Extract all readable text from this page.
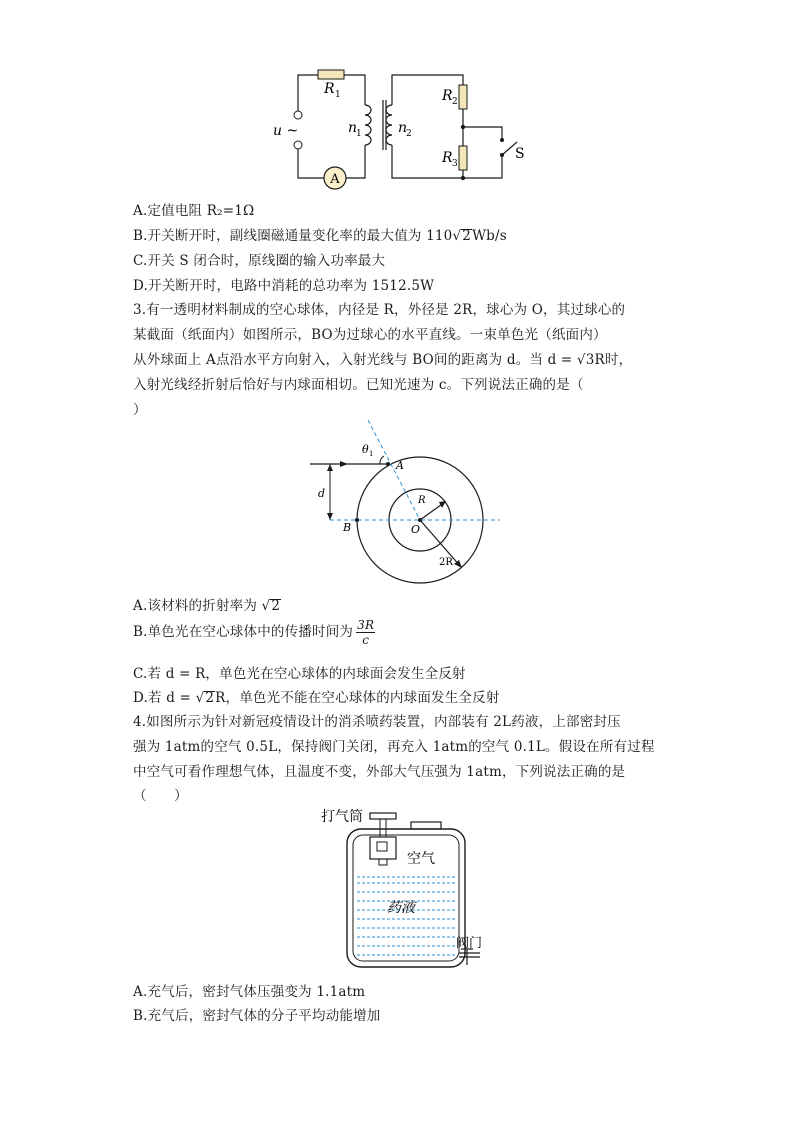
A
R 1	R 2
R 3
n
1	n
2
u ~
S
A.定值电阻 R₂=1Ω
B.开关断开时，副线圈磁通量变化率的最大值为 110√2Wb/s
C.开关 S 闭合时，原线圈的输入功率最大
D.开关断开时，电路中消耗的总功率为 1512.5W
3.有一透明材料制成的空心球体，内径是 R，外径是 2R，球心为 O，其过球心的
某截面（纸面内）如图所示，BO为过球心的水平直线。一束单色光（纸面内）
从外球面上 A点沿水平方向射入，入射光线与 BO间的距离为 d。当 d = √3R时，
入射光线经折射后恰好与内球面相切。已知光速为 c。下列说法正确的是（
）
θ 1
A
B	O
d
R
2R
A.该材料的折射率为 √2
B.单色光在空心球体中的传播时间为 $\frac{3R}{c}$
C.若 d = R，单色光在空心球体的内球面会发生全反射
D.若 d = √2R，单色光不能在空心球体的内球面发生全反射
4.如图所示为针对新冠疫情设计的消杀喷药装置，内部装有 2L药液，上部密封压
强为 1atm的空气 0.5L，保持阀门关闭，再充入 1atm的空气 0.1L。假设在所有过程
中空气可看作理想气体，且温度不变，外部大气压强为 1atm，下列说法正确的是
（　　）
打气筒
空气
药液
阀门
A.充气后，密封气体压强变为 1.1atm
B.充气后，密封气体的分子平均动能增加
